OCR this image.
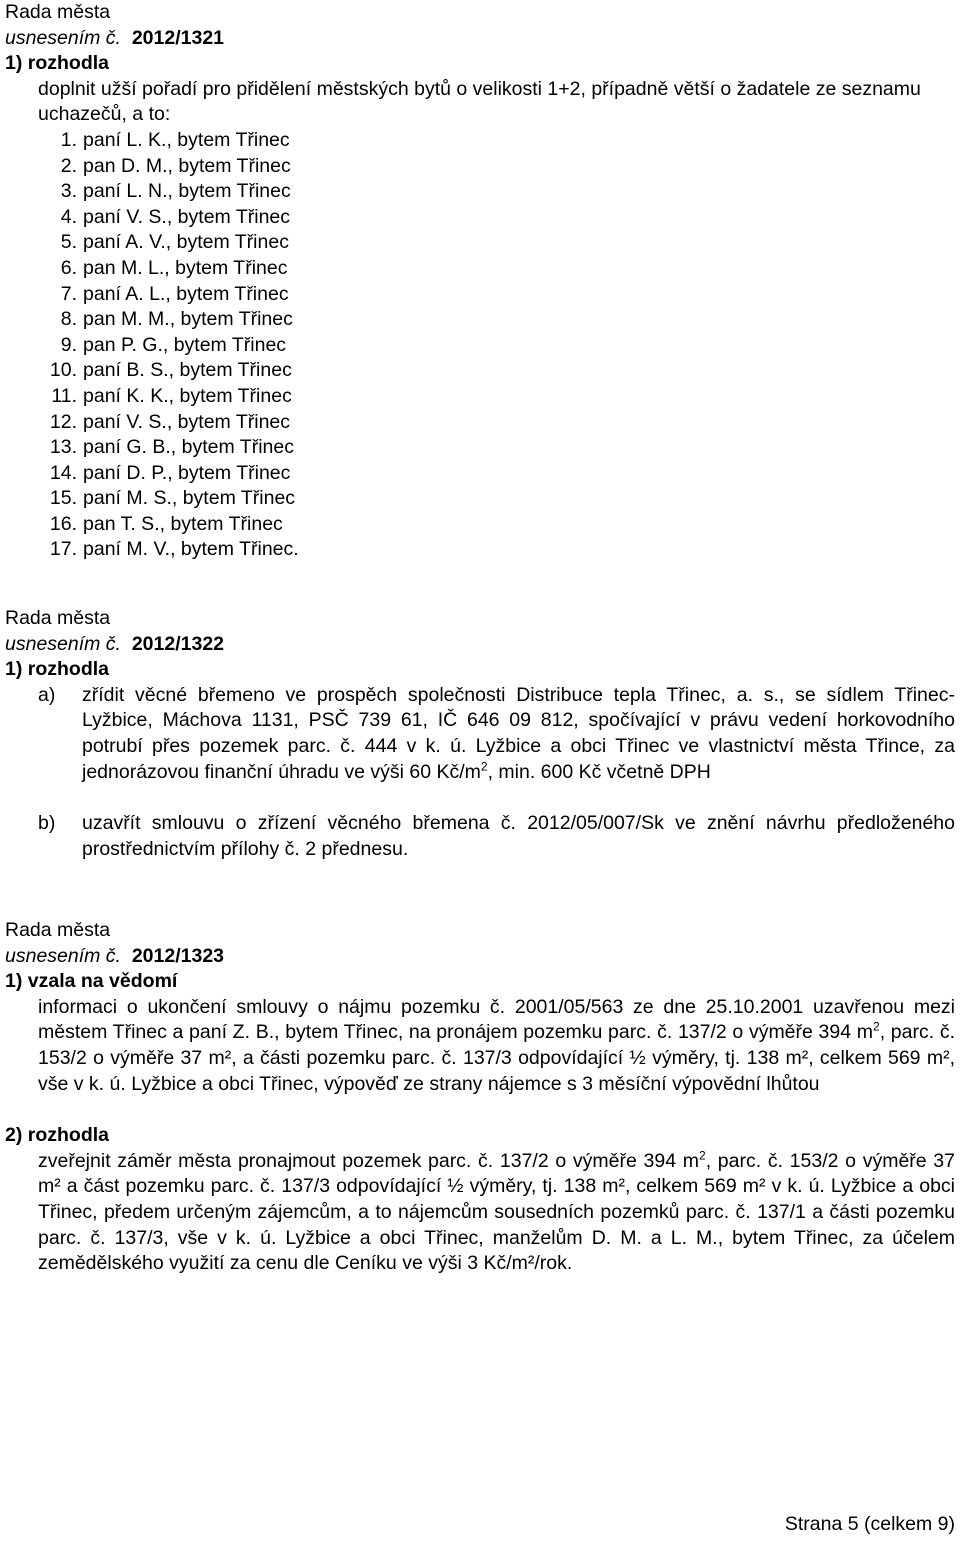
Rada města

usnesením č. 2012/1321

1) rozhodla

doplnit užší pořadí pro přidělení městských bytů o velikosti 1+2, případně větší o žadatele ze seznamu uchazečů, a to:

1. paní L. K., bytem Třinec
2. pan D. M., bytem Třinec
3. paní L. N., bytem Třinec
4. paní V. S., bytem Třinec
5. paní A. V., bytem Třinec
6. pan M. L., bytem Třinec
7. paní A. L., bytem Třinec
8. pan M. M., bytem Třinec
9. pan P. G., bytem Třinec
10. paní B. S., bytem Třinec
11. paní K. K., bytem Třinec
12. paní V. S., bytem Třinec
13. paní G. B., bytem Třinec
14. paní D. P., bytem Třinec
15. paní M. S., bytem Třinec
16. pan T. S., bytem Třinec
17. paní M. V., bytem Třinec.

Rada města

usnesením č. 2012/1322

1) rozhodla

a)	zřídit věcné břemeno ve prospěch společnosti Distribuce tepla Třinec, a. s., se sídlem Třinec-Lyžbice, Máchova 1131, PSČ 739 61, IČ 646 09 812, spočívající v právu vedení horkovodního potrubí přes pozemek parc. č. 444 v k. ú. Lyžbice a obci Třinec ve vlastnictví města Třince, za jednorázovou finanční úhradu ve výši 60 $Kč/m^2$, min. 600 Kč včetně DPH
b)	uzavřít smlouvu o zřízení věcného břemena č. 2012/05/007/Sk ve znění návrhu předloženého prostřednictvím přílohy č. 2 přednesu.

Rada města

usnesením č. 2012/1323

1) vzala na vědomí

informaci o ukončení smlouvy o nájmu pozemku č. 2001/05/563 ze dne 25.10.2001 uzavřenou mezi městem Třinec a paní Z. B., bytem Třinec, na pronájem pozemku parc. č. 137/2 o výměře 394 $m^2$, parc. č. 153/2 o výměře 37 m², a části pozemku parc. č. 137/3 odpovídající ½ výměry, tj. 138 m², celkem 569 m², vše v k. ú. Lyžbice a obci Třinec, výpověď ze strany nájemce s 3 měsíční výpovědní lhůtou

2) rozhodla

zveřejnit záměr města pronajmout pozemek parc. č. 137/2 o výměře 394 $m^2$, parc. č. 153/2 o výměře 37 m² a část pozemku parc. č. 137/3 odpovídající ½ výměry, tj. 138 m², celkem 569 m² v k. ú. Lyžbice a obci Třinec, předem určeným zájemcům, a to nájemcům sousedních pozemků parc. č. 137/1 a části pozemku parc. č. 137/3, vše v k. ú. Lyžbice a obci Třinec, manželům D. M. a L. M., bytem Třinec, za účelem zemědělského využití za cenu dle Ceníku ve výši 3 Kč/m²/rok.

Strana 5 (celkem 9)
